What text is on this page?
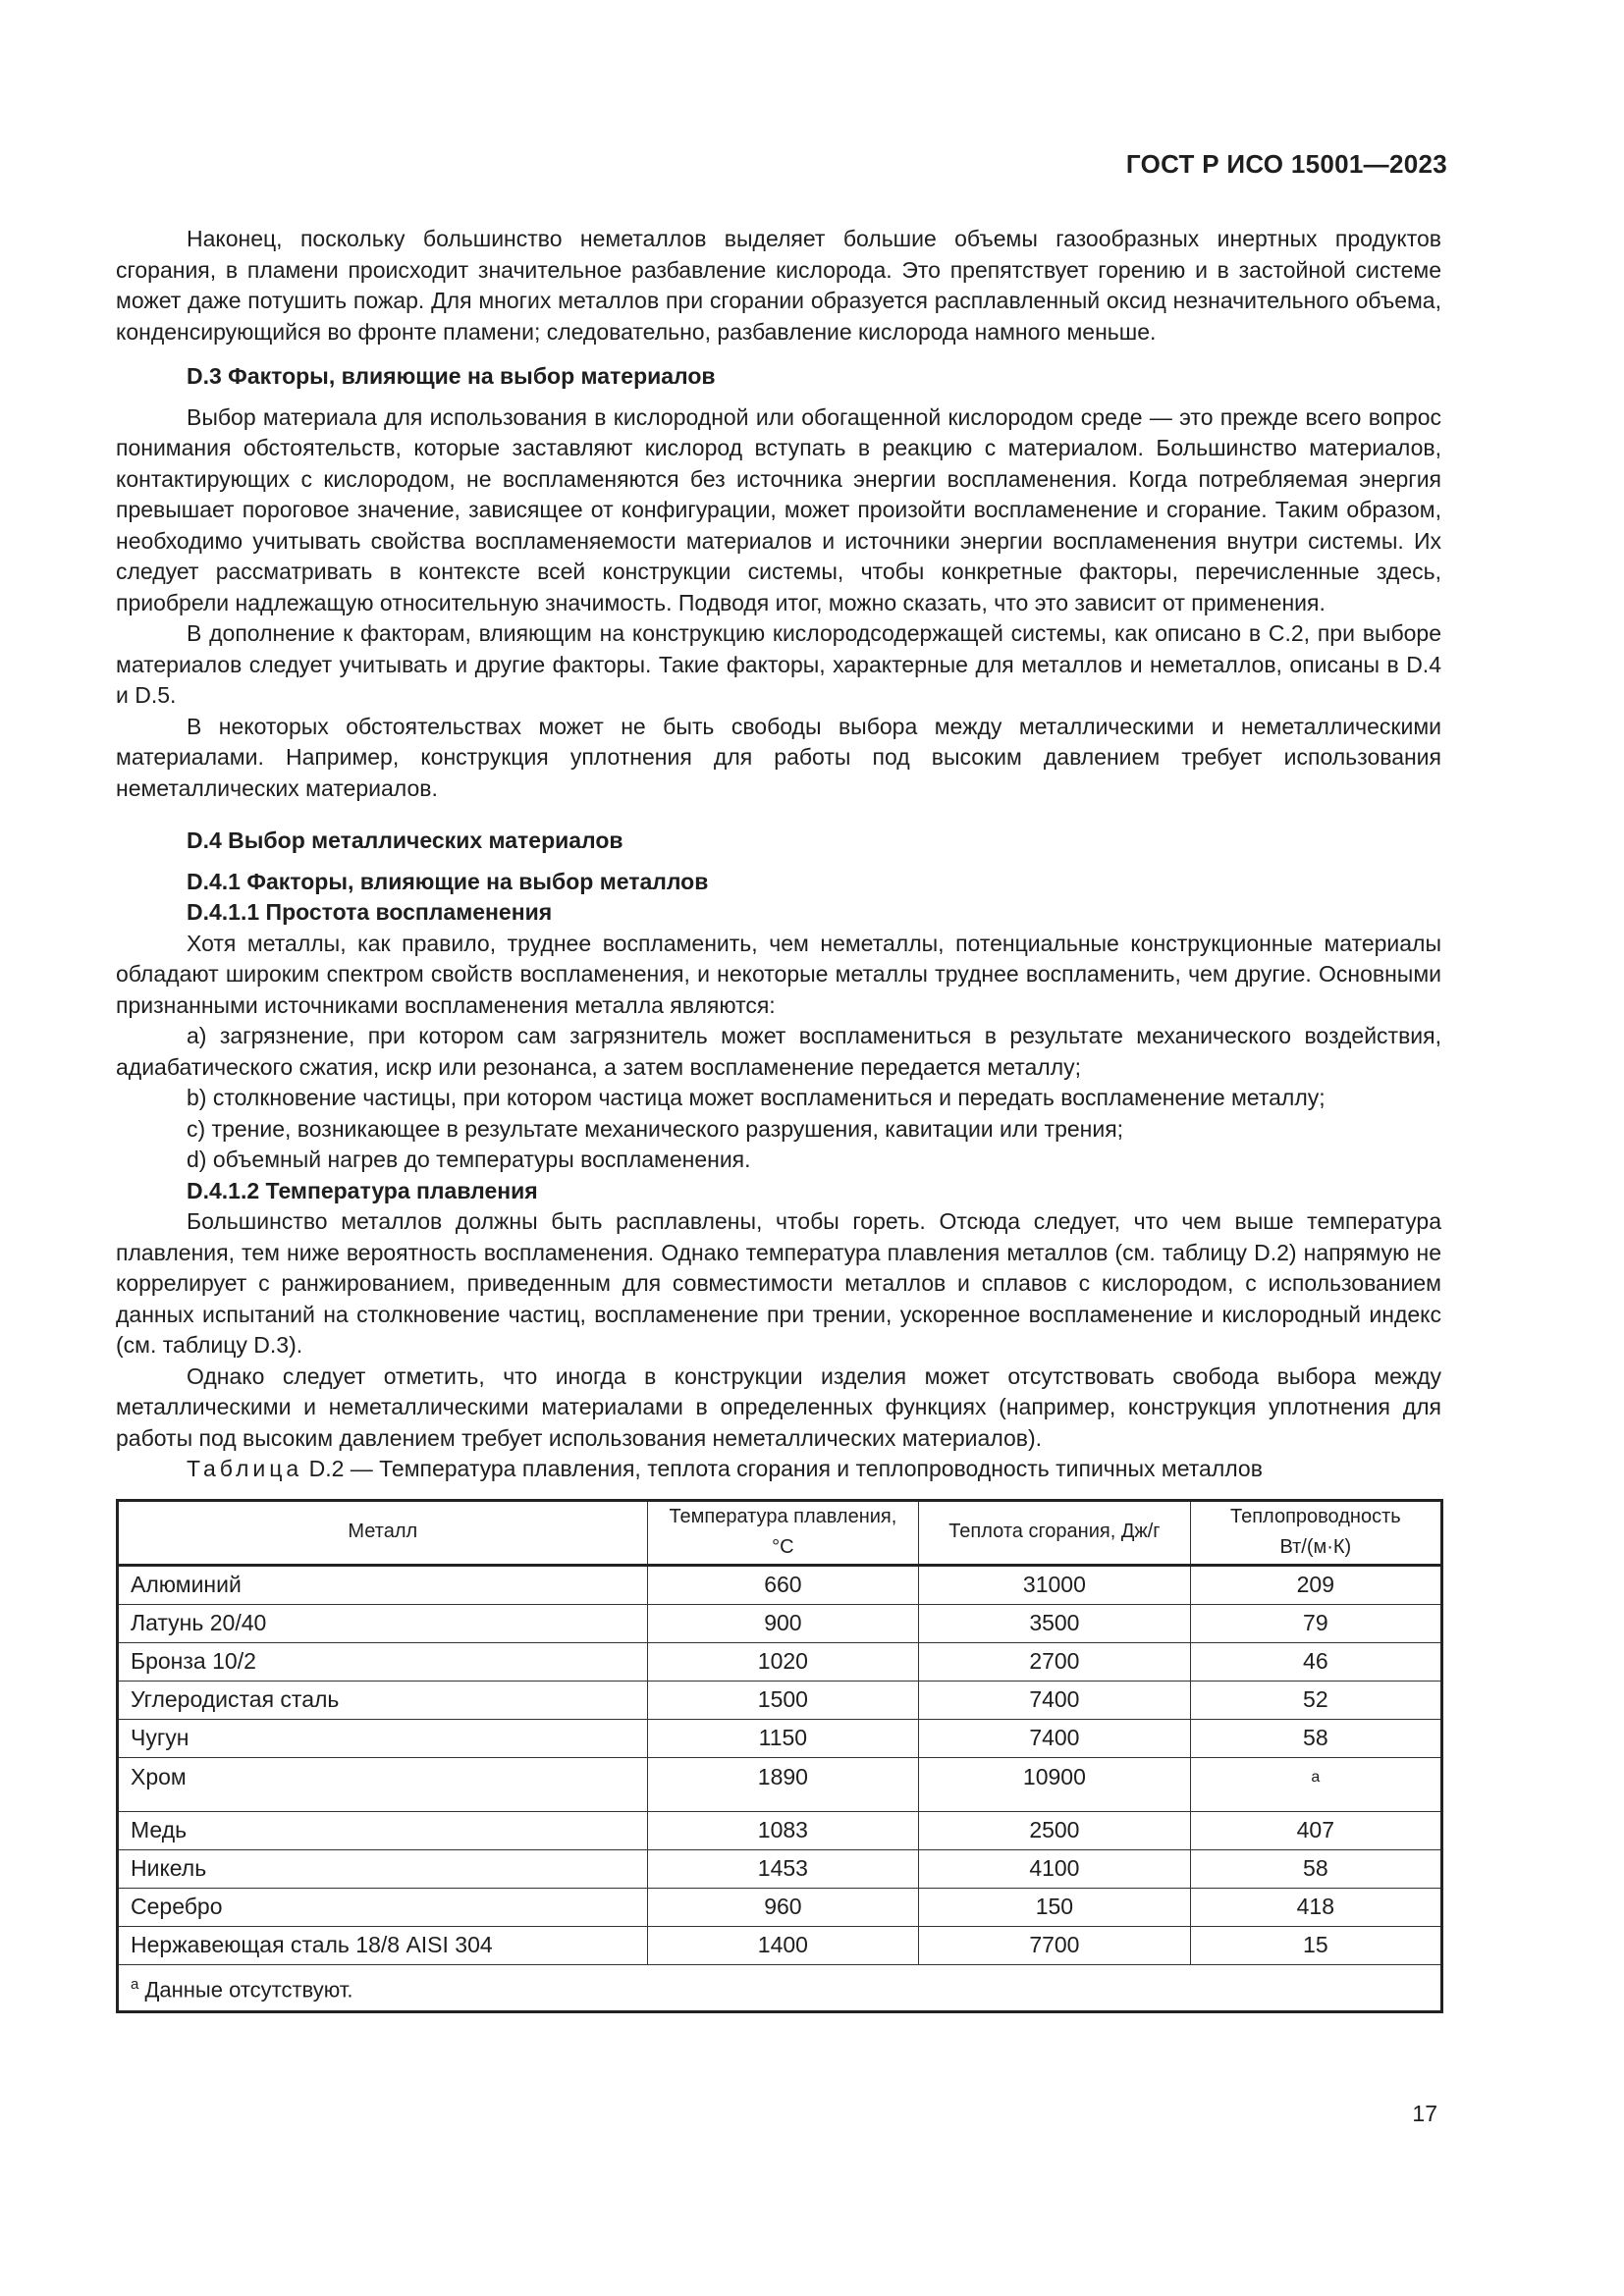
ГОСТ Р ИСО 15001—2023

Наконец, поскольку большинство неметаллов выделяет большие объемы газообразных инертных продуктов сгорания, в пламени происходит значительное разбавление кислорода. Это препятствует горению и в застойной системе может даже потушить пожар. Для многих металлов при сгорании образуется расплавленный оксид незначительного объема, конденсирующийся во фронте пламени; следовательно, разбавление кислорода намного меньше.

D.3 Факторы, влияющие на выбор материалов

Выбор материала для использования в кислородной или обогащенной кислородом среде — это прежде всего вопрос понимания обстоятельств, которые заставляют кислород вступать в реакцию с материалом. Большинство материалов, контактирующих с кислородом, не воспламеняются без источника энергии воспламенения. Когда потребляемая энергия превышает пороговое значение, зависящее от конфигурации, может произойти воспламенение и сгорание. Таким образом, необходимо учитывать свойства воспламеняемости материалов и источники энергии воспламенения внутри системы. Их следует рассматривать в контексте всей конструкции системы, чтобы конкретные факторы, перечисленные здесь, приобрели надлежащую относительную значимость. Подводя итог, можно сказать, что это зависит от применения.

В дополнение к факторам, влияющим на конструкцию кислородсодержащей системы, как описано в С.2, при выборе материалов следует учитывать и другие факторы. Такие факторы, характерные для металлов и неметаллов, описаны в D.4 и D.5.

В некоторых обстоятельствах может не быть свободы выбора между металлическими и неметаллическими материалами. Например, конструкция уплотнения для работы под высоким давлением требует использования неметаллических материалов.

D.4 Выбор металлических материалов
D.4.1 Факторы, влияющие на выбор металлов
D.4.1.1 Простота воспламенения

Хотя металлы, как правило, труднее воспламенить, чем неметаллы, потенциальные конструкционные материалы обладают широким спектром свойств воспламенения, и некоторые металлы труднее воспламенить, чем другие. Основными признанными источниками воспламенения металла являются:

a) загрязнение, при котором сам загрязнитель может воспламениться в результате механического воздействия, адиабатического сжатия, искр или резонанса, а затем воспламенение передается металлу;

b) столкновение частицы, при котором частица может воспламениться и передать воспламенение металлу;

c) трение, возникающее в результате механического разрушения, кавитации или трения;

d) объемный нагрев до температуры воспламенения.

D.4.1.2 Температура плавления

Большинство металлов должны быть расплавлены, чтобы гореть. Отсюда следует, что чем выше температура плавления, тем ниже вероятность воспламенения. Однако температура плавления металлов (см. таблицу D.2) напрямую не коррелирует с ранжированием, приведенным для совместимости металлов и сплавов с кислородом, с использованием данных испытаний на столкновение частиц, воспламенение при трении, ускоренное воспламенение и кислородный индекс (см. таблицу D.3).

Однако следует отметить, что иногда в конструкции изделия может отсутствовать свобода выбора между металлическими и неметаллическими материалами в определенных функциях (например, конструкция уплотнения для работы под высоким давлением требует использования неметаллических материалов).

Таблица D.2 — Температура плавления, теплота сгорания и теплопроводность типичных металлов

Металл	Температура плавления, °C	Теплота сгорания, Дж/г	Теплопроводность Вт/(м·К)
Алюминий	660	31000	209
Латунь 20/40	900	3500	79
Бронза 10/2	1020	2700	46
Углеродистая сталь	1500	7400	52
Чугун	1150	7400	58
Хром	1890	10900	a
Медь	1083	2500	407
Никель	1453	4100	58
Серебро	960	150	418
Нержавеющая сталь 18/8 AISI 304	1400	7700	15
$^a$ Данные отсутствуют.			
17
